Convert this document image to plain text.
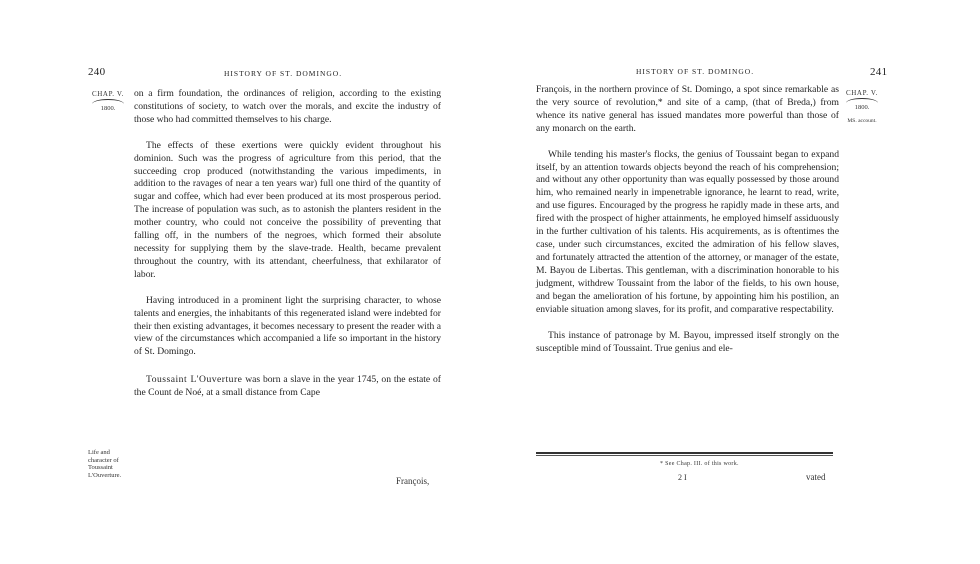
240	HISTORY OF ST. DOMINGO.
CHAP. V.
1800.

on a firm foundation, the ordinances of religion, according to the existing constitutions of society, to watch over the morals, and excite the industry of those who had committed themselves to his charge.

The effects of these exertions were quickly evident throughout his dominion. Such was the progress of agriculture from this period, that the succeeding crop produced (notwithstanding the various impediments, in addition to the ravages of near a ten years war) full one third of the quantity of sugar and coffee, which had ever been produced at its most prosperous period. The increase of population was such, as to astonish the planters resident in the mother country, who could not conceive the possibility of preventing that falling off, in the numbers of the negroes, which formed their absolute necessity for supplying them by the slave-trade. Health, became prevalent throughout the country, with its attendant, cheerfulness, that exhilarator of labor.

Having introduced in a prominent light the surprising character, to whose talents and energies, the inhabitants of this regenerated island were indebted for their then existing advantages, it becomes necessary to present the reader with a view of the circumstances which accompanied a life so important in the history of St. Domingo.

Toussaint L'Ouverture was born a slave in the year 1745, on the estate of the Count de Noé, at a small distance from Cape

Life and
character of
Toussaint
L'Ouverture.
François,
HISTORY OF ST. DOMINGO.	241
CHAP. V.
1800.
MS. account.

François, in the northern province of St. Domingo, a spot since remarkable as the very source of revolution,* and site of a camp, (that of Breda,) from whence its native general has issued mandates more powerful than those of any monarch on the earth.

While tending his master's flocks, the genius of Toussaint began to expand itself, by an attention towards objects beyond the reach of his comprehension; and without any other opportunity than was equally possessed by those around him, who remained nearly in impenetrable ignorance, he learnt to read, write, and use figures. Encouraged by the progress he rapidly made in these arts, and fired with the prospect of higher attainments, he employed himself assiduously in the further cultivation of his talents. His acquirements, as is oftentimes the case, under such circumstances, excited the admiration of his fellow slaves, and fortunately attracted the attention of the attorney, or manager of the estate, M. Bayou de Libertas. This gentleman, with a discrimination honorable to his judgment, withdrew Toussaint from the labor of the fields, to his own house, and began the amelioration of his fortune, by appointing him his postilion, an enviable situation among slaves, for its profit, and comparative respectability.

This instance of patronage by M. Bayou, impressed itself strongly on the susceptible mind of Toussaint. True genius and ele-

* See Chap. III. of this work.
2 I	vated
